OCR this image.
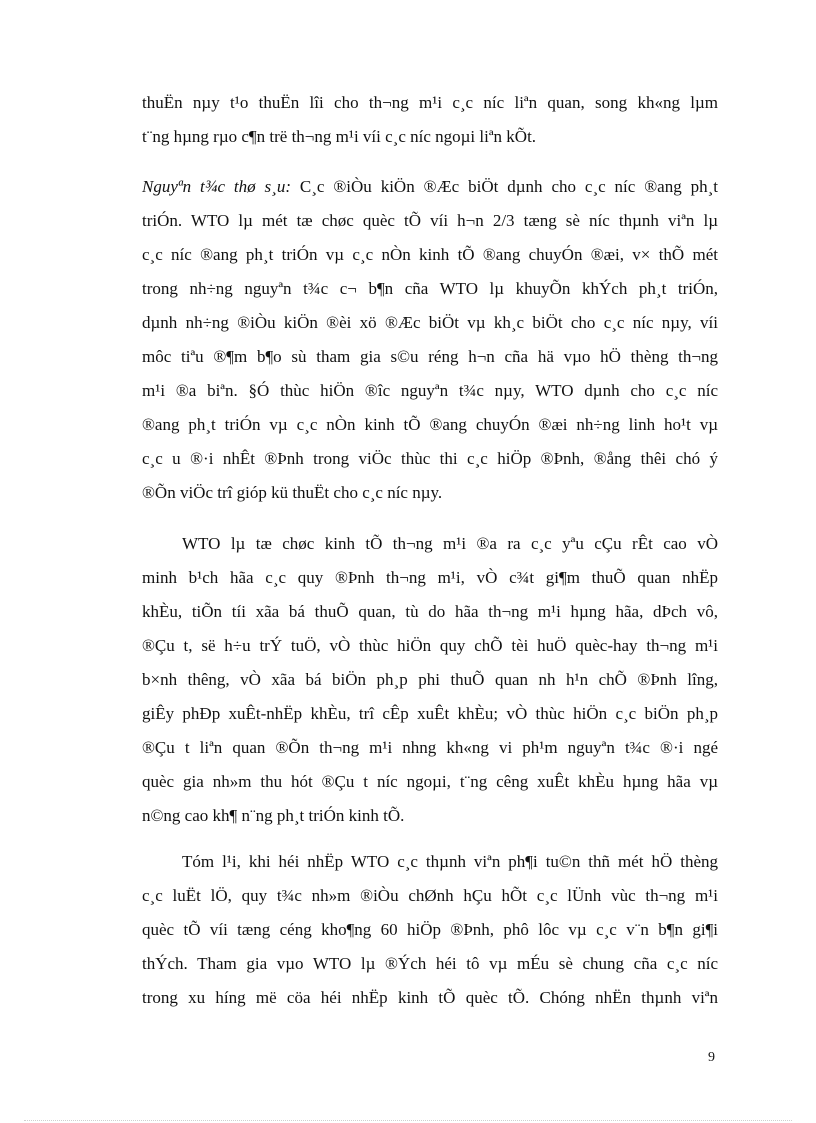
thuËn nµy t¹o thuËn lîi cho th¬ng m¹i c¸c níc liªn quan, song kh«ng lµm
t¨ng hµng rµo c¶n trë th¬ng m¹i víi c¸c níc ngoµi liªn kÕt.

Nguyªn t¾c thø s¸u: C¸c ®iÒu kiÖn ®Æc biÖt dµnh cho c¸c níc ®ang ph¸t
triÓn. WTO lµ mét tæ chøc quèc tÕ víi h¬n 2/3 tæng sè níc thµnh viªn lµ
c¸c níc ®ang ph¸t triÓn vµ c¸c nÒn kinh tÕ ®ang chuyÓn ®æi, v× thÕ mét
trong nh÷ng nguyªn t¾c c¬ b¶n cña WTO lµ khuyÕn khÝch ph¸t triÓn,
dµnh nh÷ng ®iÒu kiÖn ®èi xö ®Æc biÖt vµ kh¸c biÖt cho c¸c níc nµy, víi
môc tiªu ®¶m b¶o sù tham gia s©u réng h¬n cña hä vµo hÖ thèng th¬ng
m¹i ®a biªn. §Ó thùc hiÖn ®îc nguyªn t¾c nµy, WTO dµnh cho c¸c níc
®ang ph¸t triÓn vµ c¸c nÒn kinh tÕ ®ang chuyÓn ®æi nh÷ng linh ho¹t vµ
c¸c u ®·i nhÊt ®Þnh trong viÖc thùc thi c¸c hiÖp ®Þnh, ®ång thêi chó ý
®Õn viÖc trî gióp kü thuËt cho c¸c níc nµy.

WTO lµ tæ chøc kinh tÕ th¬ng m¹i ®a ra c¸c yªu cÇu rÊt cao vÒ
minh b¹ch hãa c¸c quy ®Þnh th¬ng m¹i, vÒ c¾t gi¶m thuÕ quan nhËp
khÈu, tiÕn tíi xãa bá thuÕ quan, tù do hãa th¬ng m¹i hµng hãa, dÞch vô,
®Çu t, së h÷u trÝ tuÖ, vÒ thùc hiÖn quy chÕ tèi huÖ quèc-hay th¬ng m¹i
b×nh thêng, vÒ xãa bá biÖn ph¸p phi thuÕ quan nh h¹n chÕ ®Þnh lîng,
giÊy phÐp xuÊt-nhËp khÈu, trî cÊp xuÊt khÈu; vÒ thùc hiÖn c¸c biÖn ph¸p
®Çu t liªn quan ®Õn th¬ng m¹i nhng kh«ng vi ph¹m nguyªn t¾c ®·i ngé
quèc gia nh»m thu hót ®Çu t níc ngoµi, t¨ng cêng xuÊt khÈu hµng hãa vµ
n©ng cao kh¶ n¨ng ph¸t triÓn kinh tÕ.

Tóm l¹i, khi héi nhËp WTO c¸c thµnh viªn ph¶i tu©n thñ mét hÖ thèng
c¸c luËt lÖ, quy t¾c nh»m ®iÒu chØnh hÇu hÕt c¸c lÜnh vùc th¬ng m¹i
quèc tÕ víi tæng céng kho¶ng 60 hiÖp ®Þnh, phô lôc vµ c¸c v¨n b¶n gi¶i
thÝch. Tham gia vµo WTO lµ ®Ých héi tô vµ mÉu sè chung cña c¸c níc
trong xu híng më cöa héi nhËp kinh tÕ quèc tÕ. Chóng nhËn thµnh viªn

9
